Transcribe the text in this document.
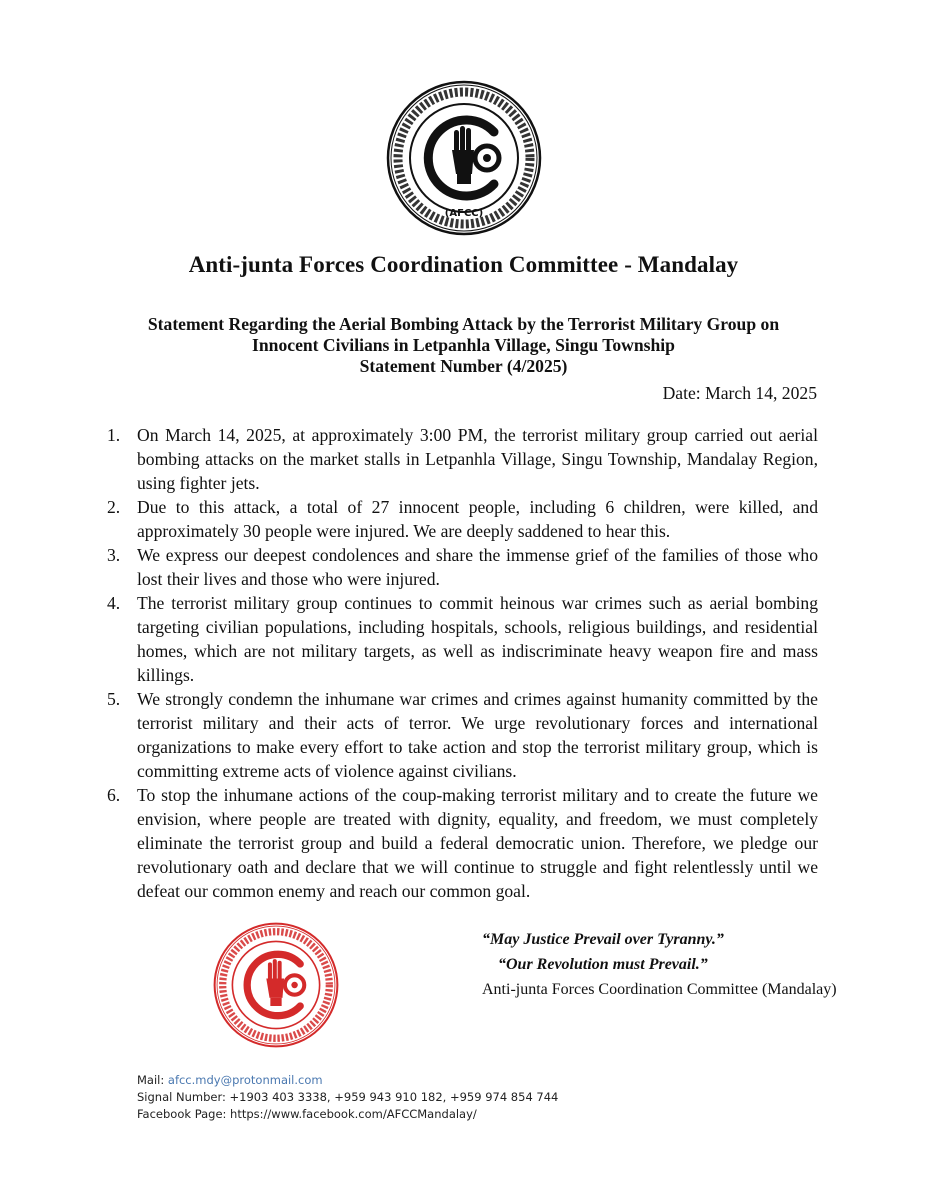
(AFCC)
Anti-junta Forces Coordination Committee - Mandalay
Statement Regarding the Aerial Bombing Attack by the Terrorist Military Group on
Innocent Civilians in Letpanhla Village, Singu Township
Statement Number (4/2025)
Date: March 14, 2025
1. On March 14, 2025, at approximately 3:00 PM, the terrorist military group carried out aerial bombing attacks on the market stalls in Letpanhla Village, Singu Township, Mandalay Region, using fighter jets.
2. Due to this attack, a total of 27 innocent people, including 6 children, were killed, and approximately 30 people were injured. We are deeply saddened to hear this.
3. We express our deepest condolences and share the immense grief of the families of those who lost their lives and those who were injured.
4. The terrorist military group continues to commit heinous war crimes such as aerial bombing targeting civilian populations, including hospitals, schools, religious buildings, and residential homes, which are not military targets, as well as indiscriminate heavy weapon fire and mass killings.
5. We strongly condemn the inhumane war crimes and crimes against humanity committed by the terrorist military and their acts of terror. We urge revolutionary forces and international organizations to make every effort to take action and stop the terrorist military group, which is committing extreme acts of violence against civilians.
6. To stop the inhumane actions of the coup-making terrorist military and to create the future we envision, where people are treated with dignity, equality, and freedom, we must completely eliminate the terrorist group and build a federal democratic union. Therefore, we pledge our revolutionary oath and declare that we will continue to struggle and fight relentlessly until we defeat our common enemy and reach our common goal.
“May Justice Prevail over Tyranny.”
“Our Revolution must Prevail.”
Anti-junta Forces Coordination Committee (Mandalay)
Mail: afcc.mdy@protonmail.com
Signal Number: +1903 403 3338, +959 943 910 182, +959 974 854 744
Facebook Page: https://www.facebook.com/AFCCMandalay/
